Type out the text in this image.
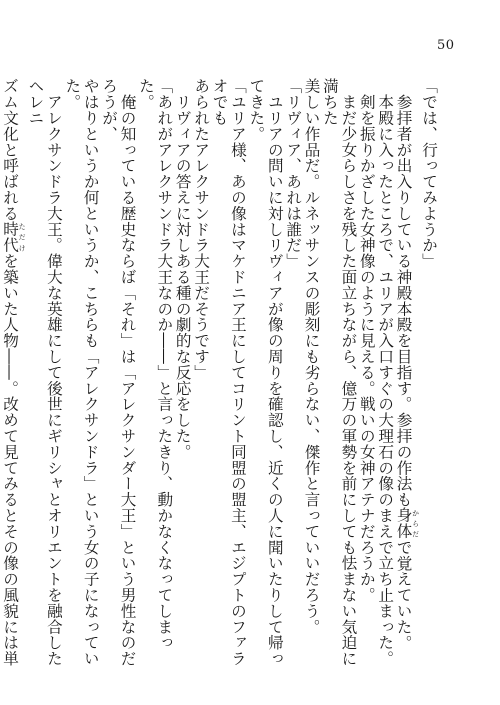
50

「では、行ってみようか」

　参拝者が出入りしている神殿本殿を目指す。参拝の作法も身体 からだで覚えていた。

　本殿に入ったところで、ユリアが入口すぐの大理石の像のまえで立ち止まった。

　剣を振りかざした女神像のように見える。戦いの女神アテナだろうか。

　まだ少女らしさを残した面立ちながら、億万の軍勢を前にしても怯まない気迫に満ちた

美しい作品だ。ルネッサンスの彫刻にも劣らない、傑作と言っていいだろう。

「リヴィア、あれは誰だ」

　ユリアの問いに対しリヴィアが像の周りを確認し、近くの人に聞いたりして帰ってきた。

「ユリア様、あの像はマケドニア王にしてコリント同盟の盟主、エジプトのファラオでも

あられたアレクサンドラ大王だそうです」

　リヴィアの答えに対しある種の劇的な反応をした。

「あれがアレクサンドラ大王なのか――」と言ったきり、動かなくなってしまった。

　俺の知っている歴史ならば「それ」は「アレクサンダー大王」という男性なのだろうが、

やはりというか何というか、こちらも「アレクサンドラ」という女の子になっていた。

　アレクサンドラ大王。偉大な英雄にして後世にギリシャとオリエントを融合したヘレニ

ズム文化と呼ばれる時代 ただけを築いた人物――。改めて見てみるとその像の風貌には単
